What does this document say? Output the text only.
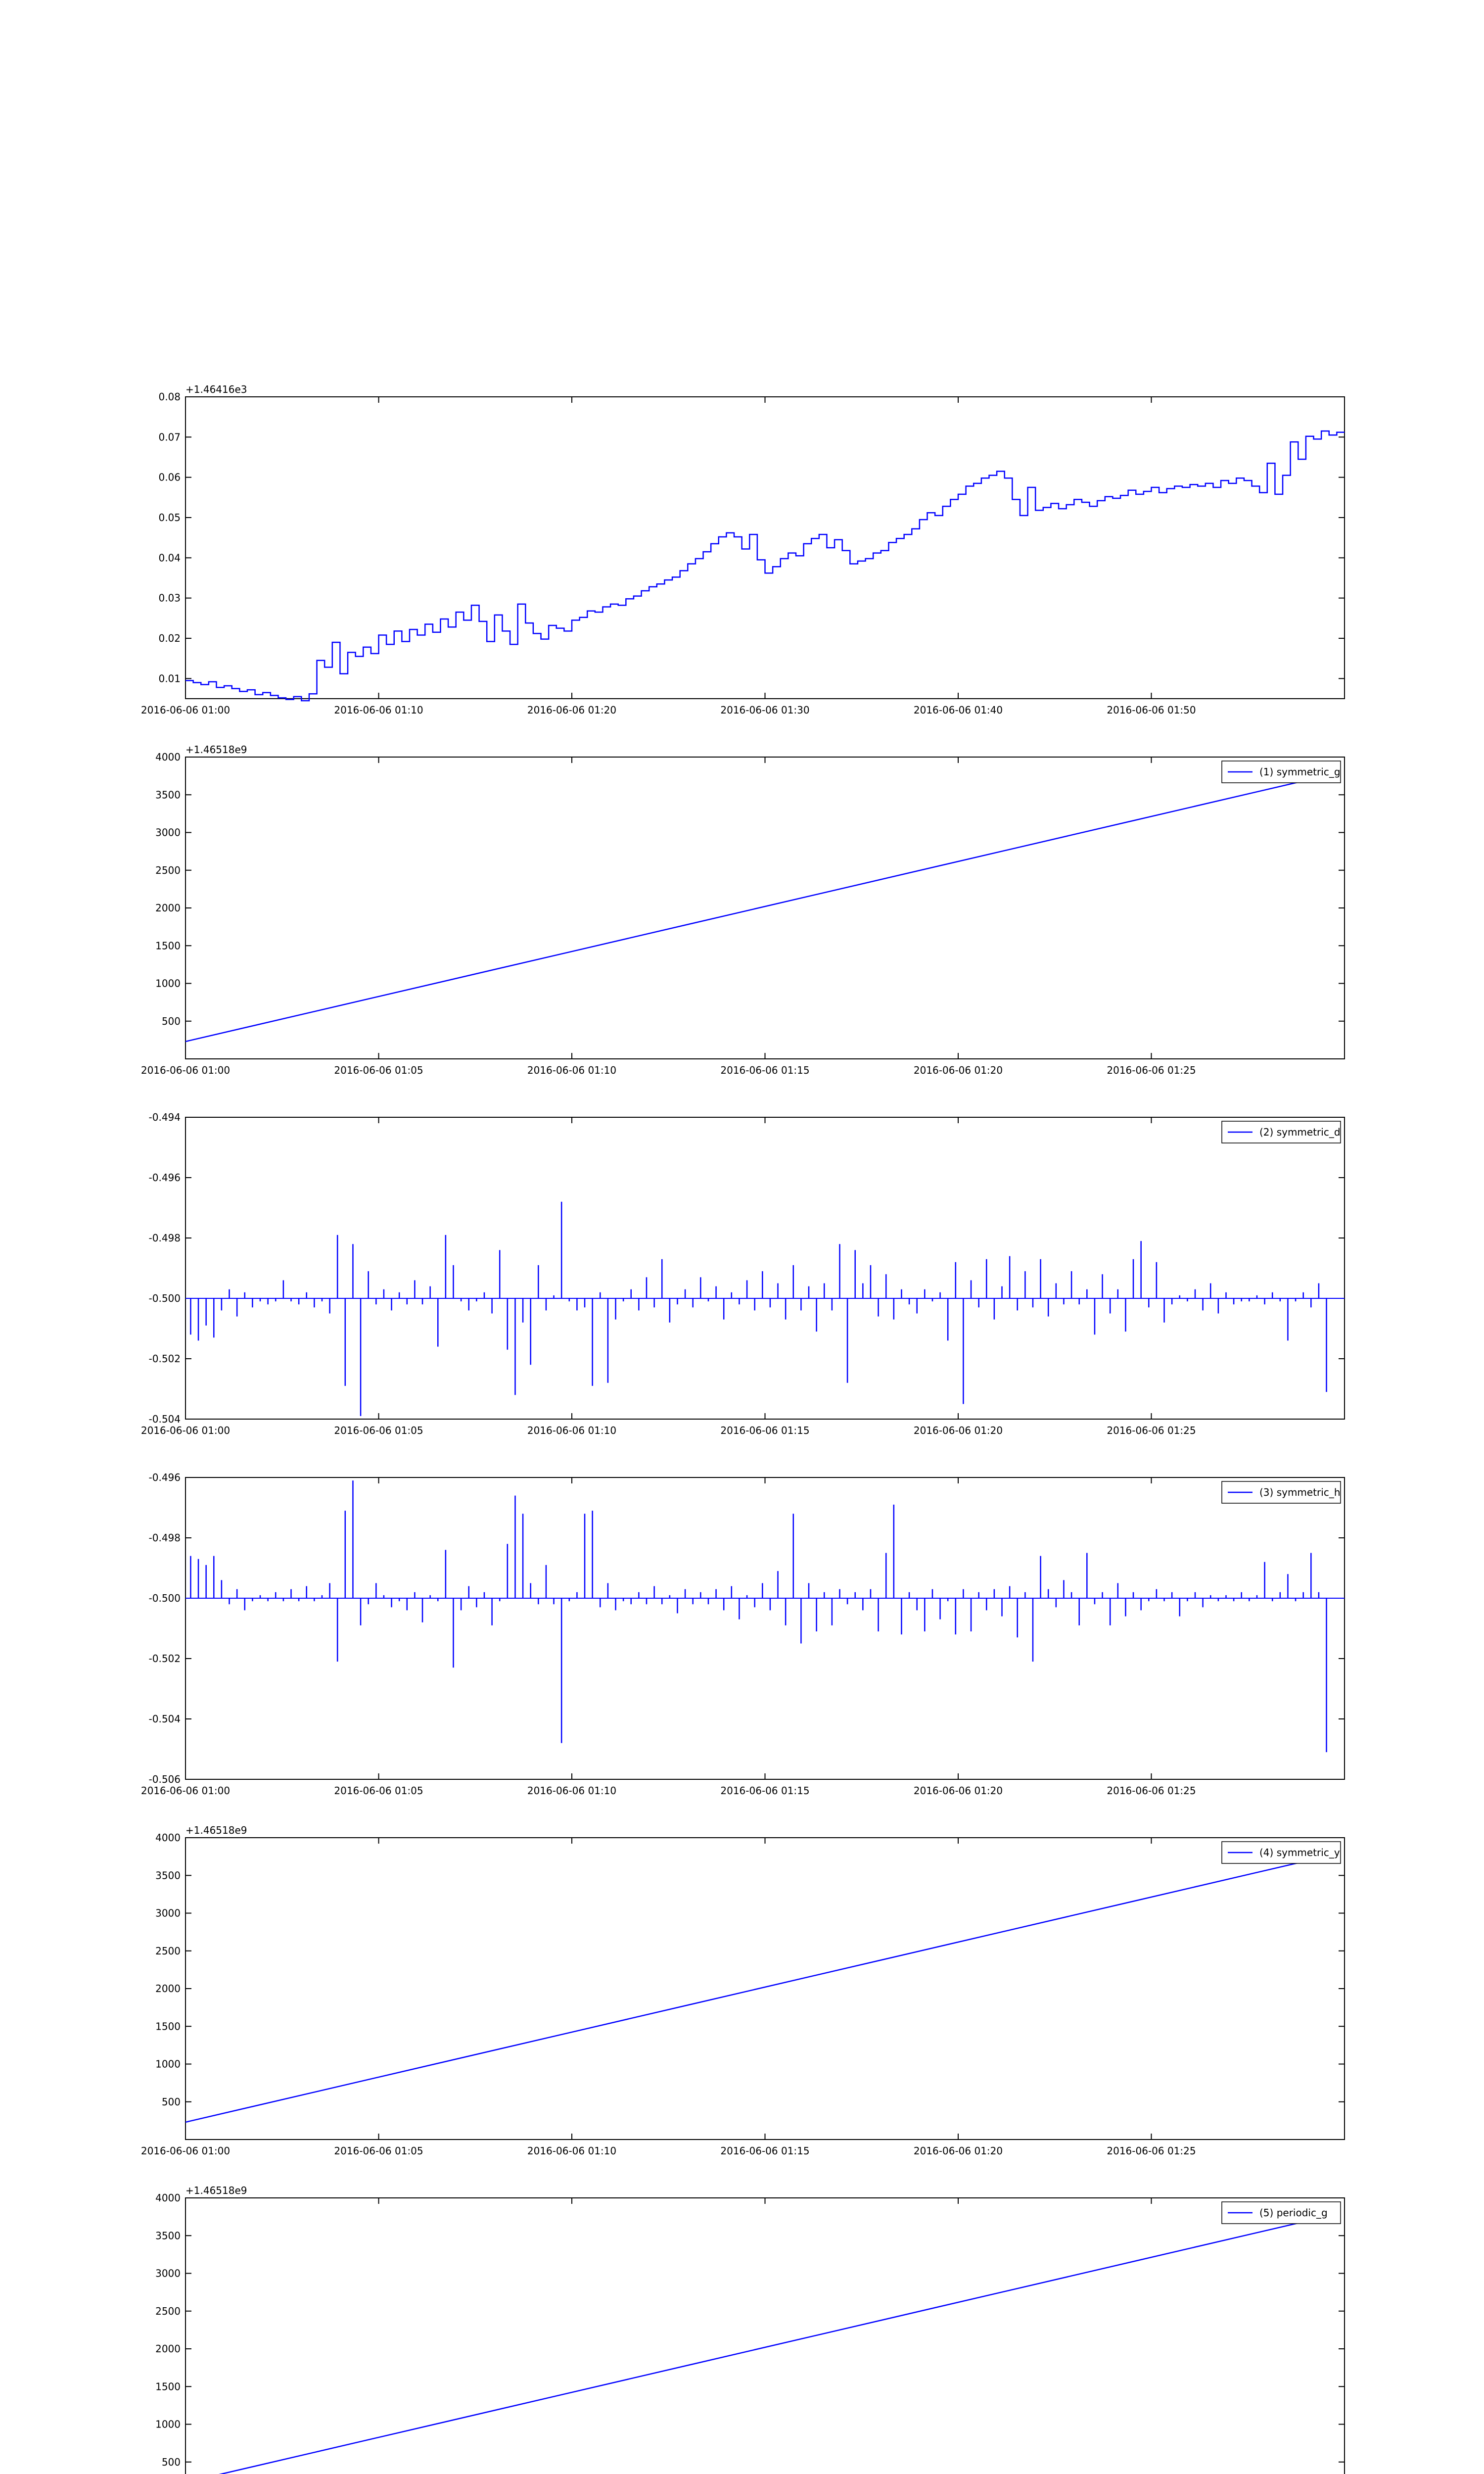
0.01
0.02
0.03
0.04
0.05
0.06
0.07
0.08
2016-06-06 01:00	2016-06-06 01:10	2016-06-06 01:20	2016-06-06 01:30	2016-06-06 01:40	2016-06-06 01:50
+1.46416e3
500
1000
1500
2000
2500
3000
3500
4000
2016-06-06 01:00	2016-06-06 01:05	2016-06-06 01:10	2016-06-06 01:15	2016-06-06 01:20	2016-06-06 01:25
+1.46518e9
(1) symmetric_g
-0.504
-0.502
-0.500
-0.498
-0.496
-0.494
2016-06-06 01:00	2016-06-06 01:05	2016-06-06 01:10	2016-06-06 01:15	2016-06-06 01:20	2016-06-06 01:25
(2) symmetric_d
-0.506
-0.504
-0.502
-0.500
-0.498
-0.496
2016-06-06 01:00	2016-06-06 01:05	2016-06-06 01:10	2016-06-06 01:15	2016-06-06 01:20	2016-06-06 01:25
(3) symmetric_h
500
1000
1500
2000
2500
3000
3500
4000
2016-06-06 01:00	2016-06-06 01:05	2016-06-06 01:10	2016-06-06 01:15	2016-06-06 01:20	2016-06-06 01:25
+1.46518e9
(4) symmetric_y
500
1000
1500
2000
2500
3000
3500
4000
+1.46518e9
(5) periodic_g
